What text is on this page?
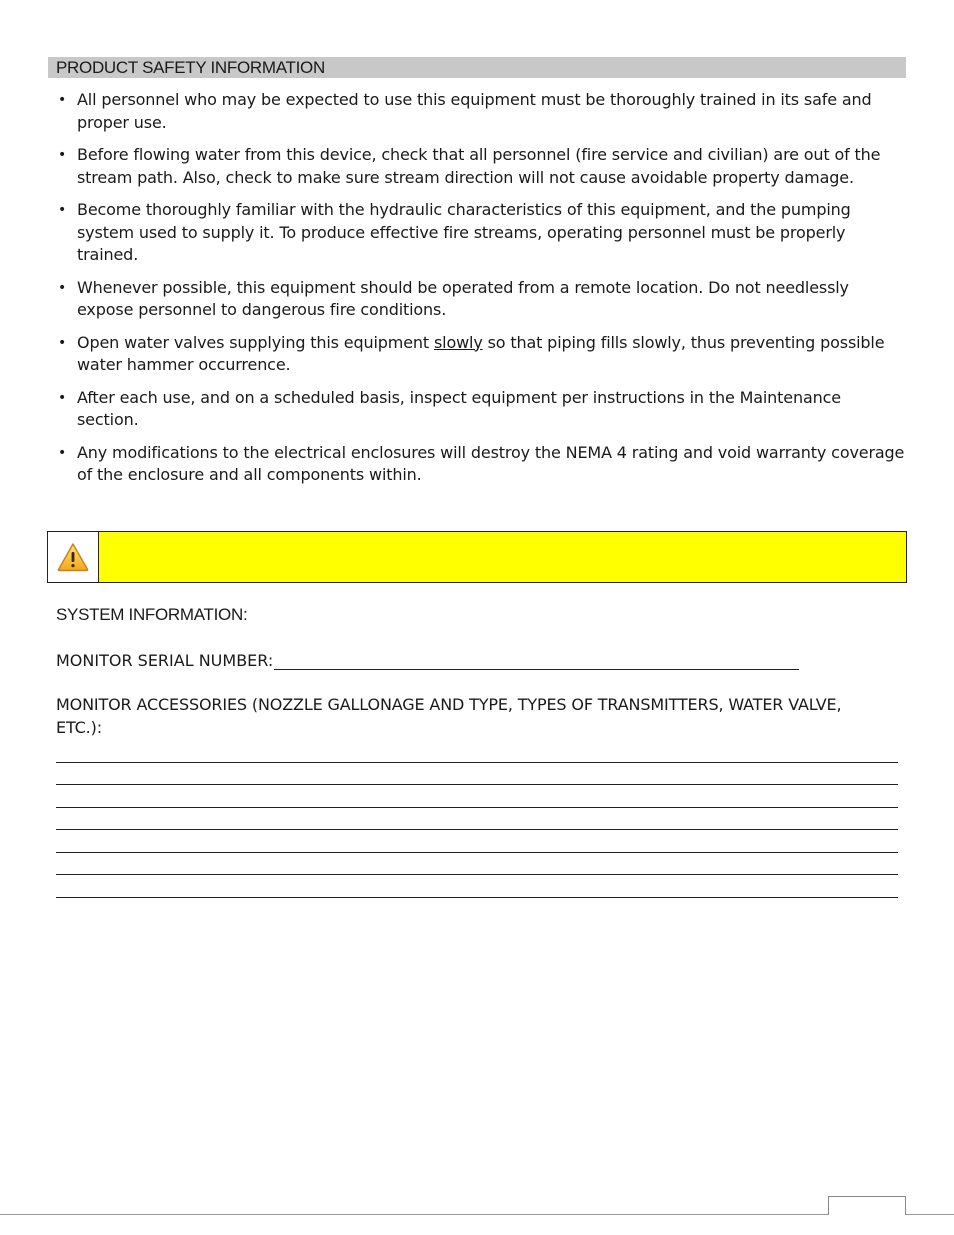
PRODUCT SAFETY INFORMATION
• All personnel who may be expected to use this equipment must be thoroughly trained in its safe and proper use.
• Before flowing water from this device, check that all personnel (fire service and civilian) are out of the stream path. Also, check to make sure stream direction will not cause avoidable property damage.
• Become thoroughly familiar with the hydraulic characteristics of this equipment, and the pumping system used to supply it. To produce effective fire streams, operating personnel must be properly trained.
• Whenever possible, this equipment should be operated from a remote location. Do not needlessly expose personnel to dangerous fire conditions.
• Open water valves supplying this equipment slowly so that piping fills slowly, thus preventing possible water hammer occurrence.
• After each use, and on a scheduled basis, inspect equipment per instructions in the Maintenance section.
• Any modifications to the electrical enclosures will destroy the NEMA 4 rating and void warranty coverage of the enclosure and all components within.
SYSTEM INFORMATION:
MONITOR SERIAL NUMBER:
MONITOR ACCESSORIES (NOZZLE GALLONAGE AND TYPE, TYPES OF TRANSMITTERS, WATER VALVE, ETC.):
